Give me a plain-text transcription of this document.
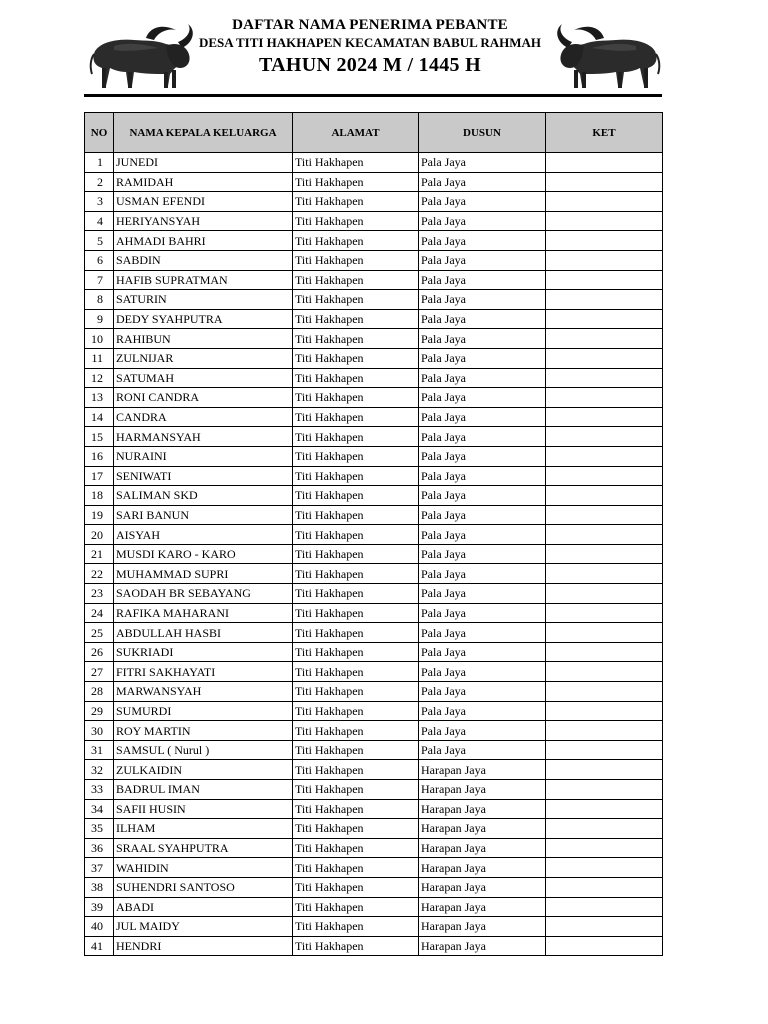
DAFTAR NAMA PENERIMA PEBANTE
DESA TITI HAKHAPEN KECAMATAN BABUL RAHMAH
TAHUN 2024 M / 1445 H
NO	NAMA KEPALA KELUARGA	ALAMAT	DUSUN	KET
1	JUNEDI	Titi Hakhapen	Pala Jaya	
2	RAMIDAH	Titi Hakhapen	Pala Jaya	
3	USMAN EFENDI	Titi Hakhapen	Pala Jaya	
4	HERIYANSYAH	Titi Hakhapen	Pala Jaya	
5	AHMADI BAHRI	Titi Hakhapen	Pala Jaya	
6	SABDIN	Titi Hakhapen	Pala Jaya	
7	HAFIB SUPRATMAN	Titi Hakhapen	Pala Jaya	
8	SATURIN	Titi Hakhapen	Pala Jaya	
9	DEDY SYAHPUTRA	Titi Hakhapen	Pala Jaya	
10	RAHIBUN	Titi Hakhapen	Pala Jaya	
11	ZULNIJAR	Titi Hakhapen	Pala Jaya	
12	SATUMAH	Titi Hakhapen	Pala Jaya	
13	RONI CANDRA	Titi Hakhapen	Pala Jaya	
14	CANDRA	Titi Hakhapen	Pala Jaya	
15	HARMANSYAH	Titi Hakhapen	Pala Jaya	
16	NURAINI	Titi Hakhapen	Pala Jaya	
17	SENIWATI	Titi Hakhapen	Pala Jaya	
18	SALIMAN SKD	Titi Hakhapen	Pala Jaya	
19	SARI BANUN	Titi Hakhapen	Pala Jaya	
20	AISYAH	Titi Hakhapen	Pala Jaya	
21	MUSDI KARO - KARO	Titi Hakhapen	Pala Jaya	
22	MUHAMMAD SUPRI	Titi Hakhapen	Pala Jaya	
23	SAODAH BR SEBAYANG	Titi Hakhapen	Pala Jaya	
24	RAFIKA MAHARANI	Titi Hakhapen	Pala Jaya	
25	ABDULLAH HASBI	Titi Hakhapen	Pala Jaya	
26	SUKRIADI	Titi Hakhapen	Pala Jaya	
27	FITRI SAKHAYATI	Titi Hakhapen	Pala Jaya	
28	MARWANSYAH	Titi Hakhapen	Pala Jaya	
29	SUMURDI	Titi Hakhapen	Pala Jaya	
30	ROY MARTIN	Titi Hakhapen	Pala Jaya	
31	SAMSUL ( Nurul )	Titi Hakhapen	Pala Jaya	
32	ZULKAIDIN	Titi Hakhapen	Harapan Jaya	
33	BADRUL IMAN	Titi Hakhapen	Harapan Jaya	
34	SAFII HUSIN	Titi Hakhapen	Harapan Jaya	
35	ILHAM	Titi Hakhapen	Harapan Jaya	
36	SRAAL SYAHPUTRA	Titi Hakhapen	Harapan Jaya	
37	WAHIDIN	Titi Hakhapen	Harapan Jaya	
38	SUHENDRI SANTOSO	Titi Hakhapen	Harapan Jaya	
39	ABADI	Titi Hakhapen	Harapan Jaya	
40	JUL MAIDY	Titi Hakhapen	Harapan Jaya	
41	HENDRI	Titi Hakhapen	Harapan Jaya	
